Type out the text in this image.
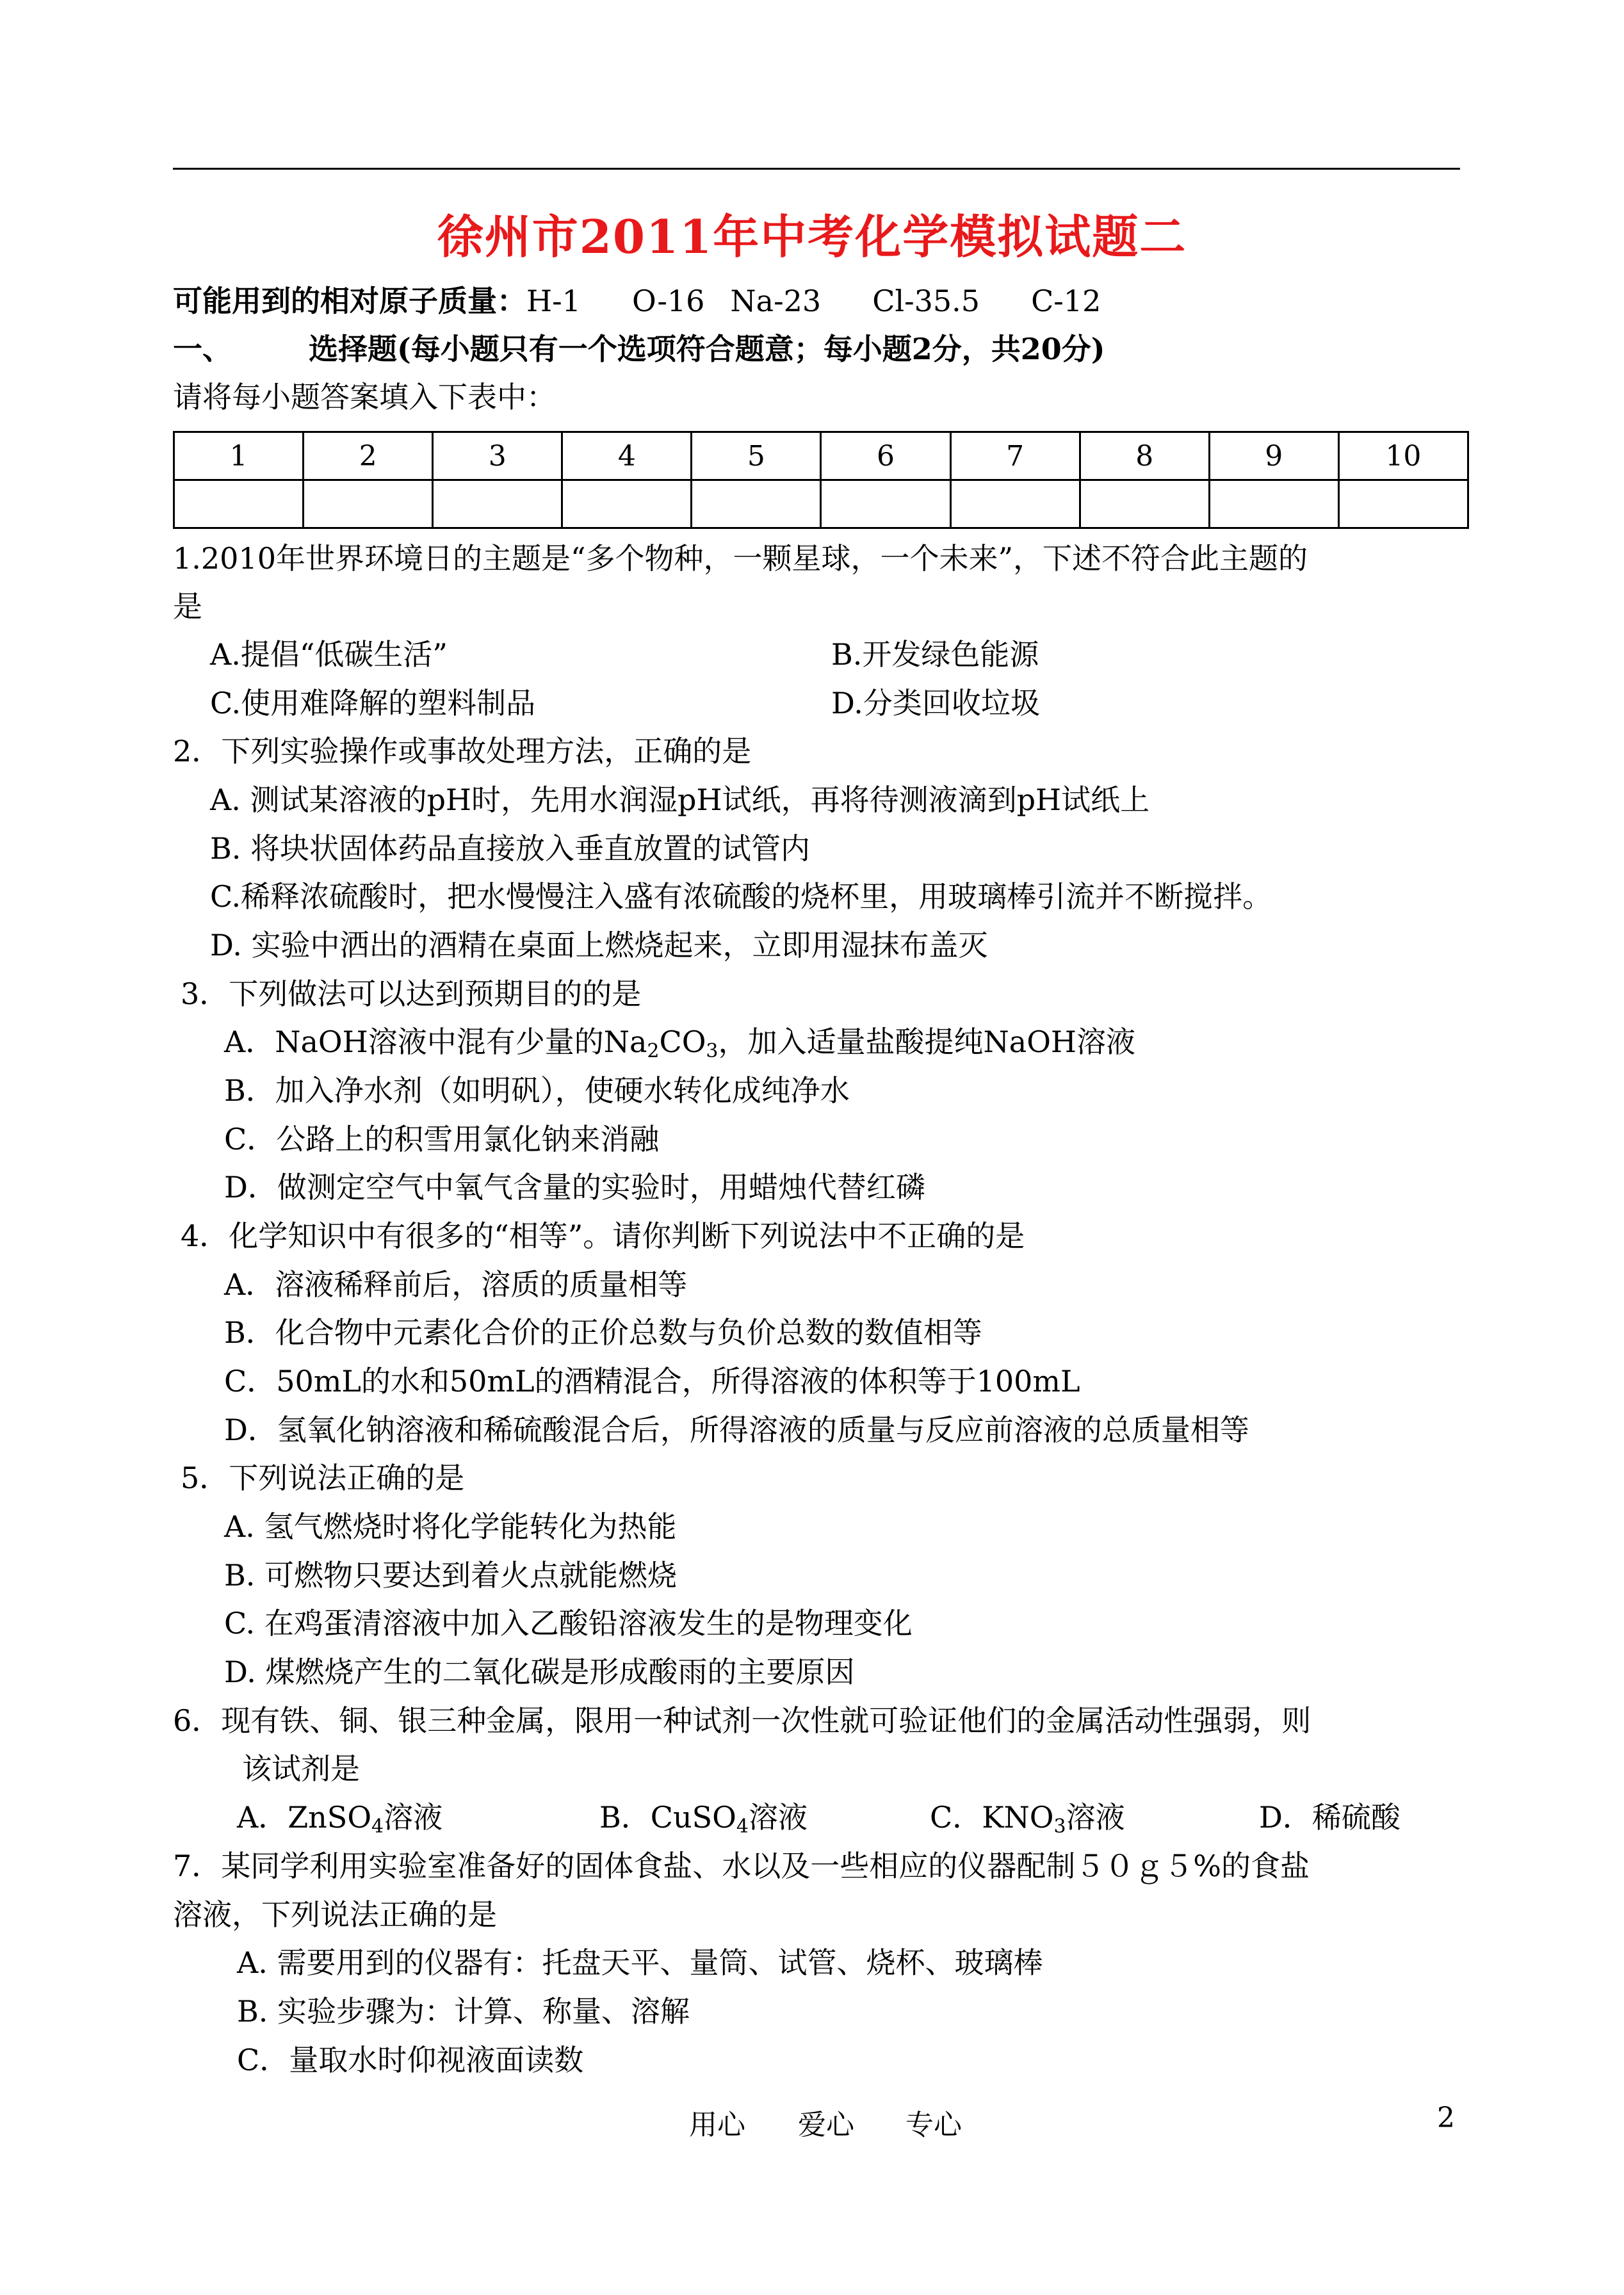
徐州市2011年中考化学模拟试题二
可能用到的相对原子质量：H-1 O-16 Na-23 Cl-35.5 C-12
一、	选择题(每小题只有一个选项符合题意；每小题2分，共20分)
请将每小题答案填入下表中：
1	2	3	4	5	6	7	8	9	10

1.2010年世界环境日的主题是“多个物种，一颗星球，一个未来”，下述不符合此主题的
是
A.提倡“低碳生活”	B.开发绿色能源
C.使用难降解的塑料制品	D.分类回收垃圾
2．下列实验操作或事故处理方法，正确的是
A. 测试某溶液的pH时，先用水润湿pH试纸，再将待测液滴到pH试纸上
B. 将块状固体药品直接放入垂直放置的试管内
C.稀释浓硫酸时，把水慢慢注入盛有浓硫酸的烧杯里，用玻璃棒引流并不断搅拌。
D. 实验中洒出的酒精在桌面上燃烧起来，立即用湿抹布盖灭
3．下列做法可以达到预期目的的是
A．NaOH溶液中混有少量的$Na_2CO_3$，加入适量盐酸提纯NaOH溶液
B．加入净水剂（如明矾），使硬水转化成纯净水
C．公路上的积雪用氯化钠来消融
D．做测定空气中氧气含量的实验时，用蜡烛代替红磷
4．化学知识中有很多的“相等”。请你判断下列说法中不正确的是
A．溶液稀释前后，溶质的质量相等
B．化合物中元素化合价的正价总数与负价总数的数值相等
C．50mL的水和50mL的酒精混合，所得溶液的体积等于100mL
D．氢氧化钠溶液和稀硫酸混合后，所得溶液的质量与反应前溶液的总质量相等
5．下列说法正确的是
A. 氢气燃烧时将化学能转化为热能
B. 可燃物只要达到着火点就能燃烧
C. 在鸡蛋清溶液中加入乙酸铅溶液发生的是物理变化
D. 煤燃烧产生的二氧化碳是形成酸雨的主要原因
6．现有铁、铜、银三种金属，限用一种试剂一次性就可验证他们的金属活动性强弱，则
该试剂是
A．ZnSO$_4$溶液	B．CuSO$_4$溶液	C．$KNO_3$溶液	D．稀硫酸
7．某同学利用实验室准备好的固体食盐、水以及一些相应的仪器配制５０ｇ５%的食盐
溶液，下列说法正确的是
A. 需要用到的仪器有：托盘天平、量筒、试管、烧杯、玻璃棒
B. 实验步骤为：计算、称量、溶解
C．量取水时仰视液面读数
用心 爱心 专心	2
